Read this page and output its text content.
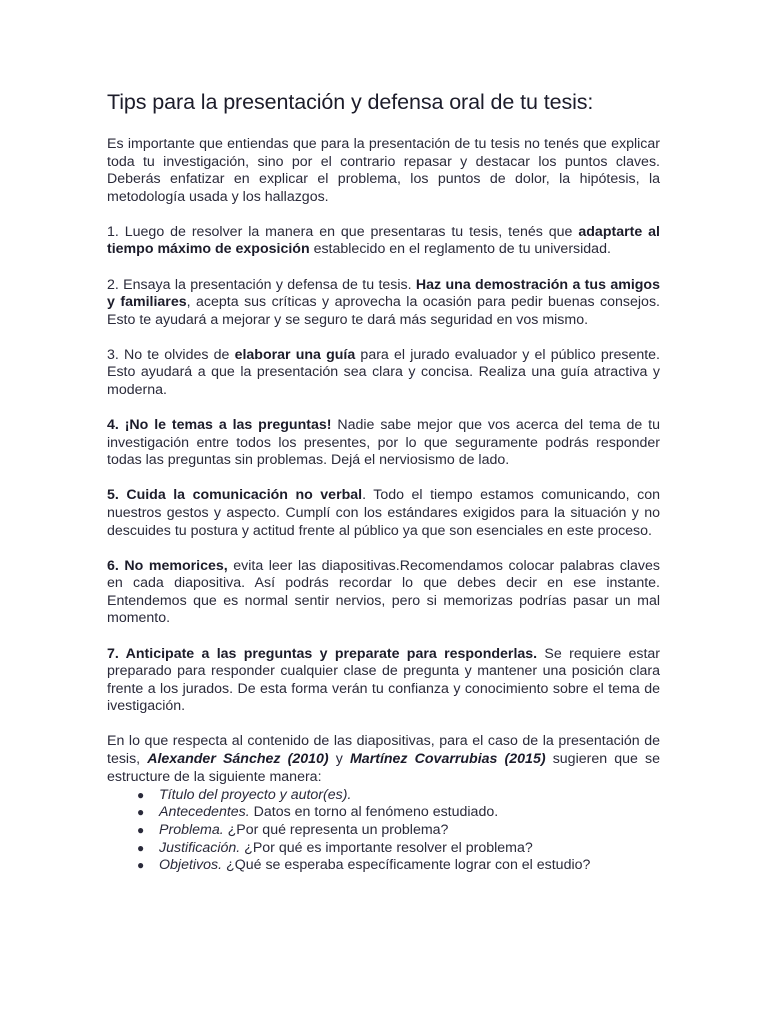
Tips para la presentación y defensa oral de tu tesis:

Es importante que entiendas que para la presentación de tu tesis no tenés que explicar toda tu investigación, sino por el contrario repasar y destacar los puntos claves. Deberás enfatizar en explicar el problema, los puntos de dolor, la hipótesis, la metodología usada y los hallazgos.

1. Luego de resolver la manera en que presentaras tu tesis, tenés que adaptarte al tiempo máximo de exposición establecido en el reglamento de tu universidad.

2. Ensaya la presentación y defensa de tu tesis. Haz una demostración a tus amigos y familiares, acepta sus críticas y aprovecha la ocasión para pedir buenas consejos. Esto te ayudará a mejorar y se seguro te dará más seguridad en vos mismo.

3. No te olvides de elaborar una guía para el jurado evaluador y el público presente. Esto ayudará a que la presentación sea clara y concisa. Realiza una guía atractiva y moderna.

4. ¡No le temas a las preguntas! Nadie sabe mejor que vos acerca del tema de tu investigación entre todos los presentes, por lo que seguramente podrás responder todas las preguntas sin problemas. Dejá el nerviosismo de lado.

5. Cuida la comunicación no verbal. Todo el tiempo estamos comunicando, con nuestros gestos y aspecto. Cumplí con los estándares exigidos para la situación y no descuides tu postura y actitud frente al público ya que son esenciales en este proceso.

6. No memorices, evita leer las diapositivas.Recomendamos colocar palabras claves en cada diapositiva. Así podrás recordar lo que debes decir en ese instante. Entendemos que es normal sentir nervios, pero si memorizas podrías pasar un mal momento.

7. Anticipate a las preguntas y preparate para responderlas. Se requiere estar preparado para responder cualquier clase de pregunta y mantener una posición clara frente a los jurados. De esta forma verán tu confianza y conocimiento sobre el tema de ivestigación.

En lo que respecta al contenido de las diapositivas, para el caso de la presentación de tesis, Alexander Sánchez (2010) y Martínez Covarrubias (2015) sugieren que se estructure de la siguiente manera:

● Título del proyecto y autor(es).
● Antecedentes. Datos en torno al fenómeno estudiado.
● Problema. ¿Por qué representa un problema?
● Justificación. ¿Por qué es importante resolver el problema?
● Objetivos. ¿Qué se esperaba específicamente lograr con el estudio?
